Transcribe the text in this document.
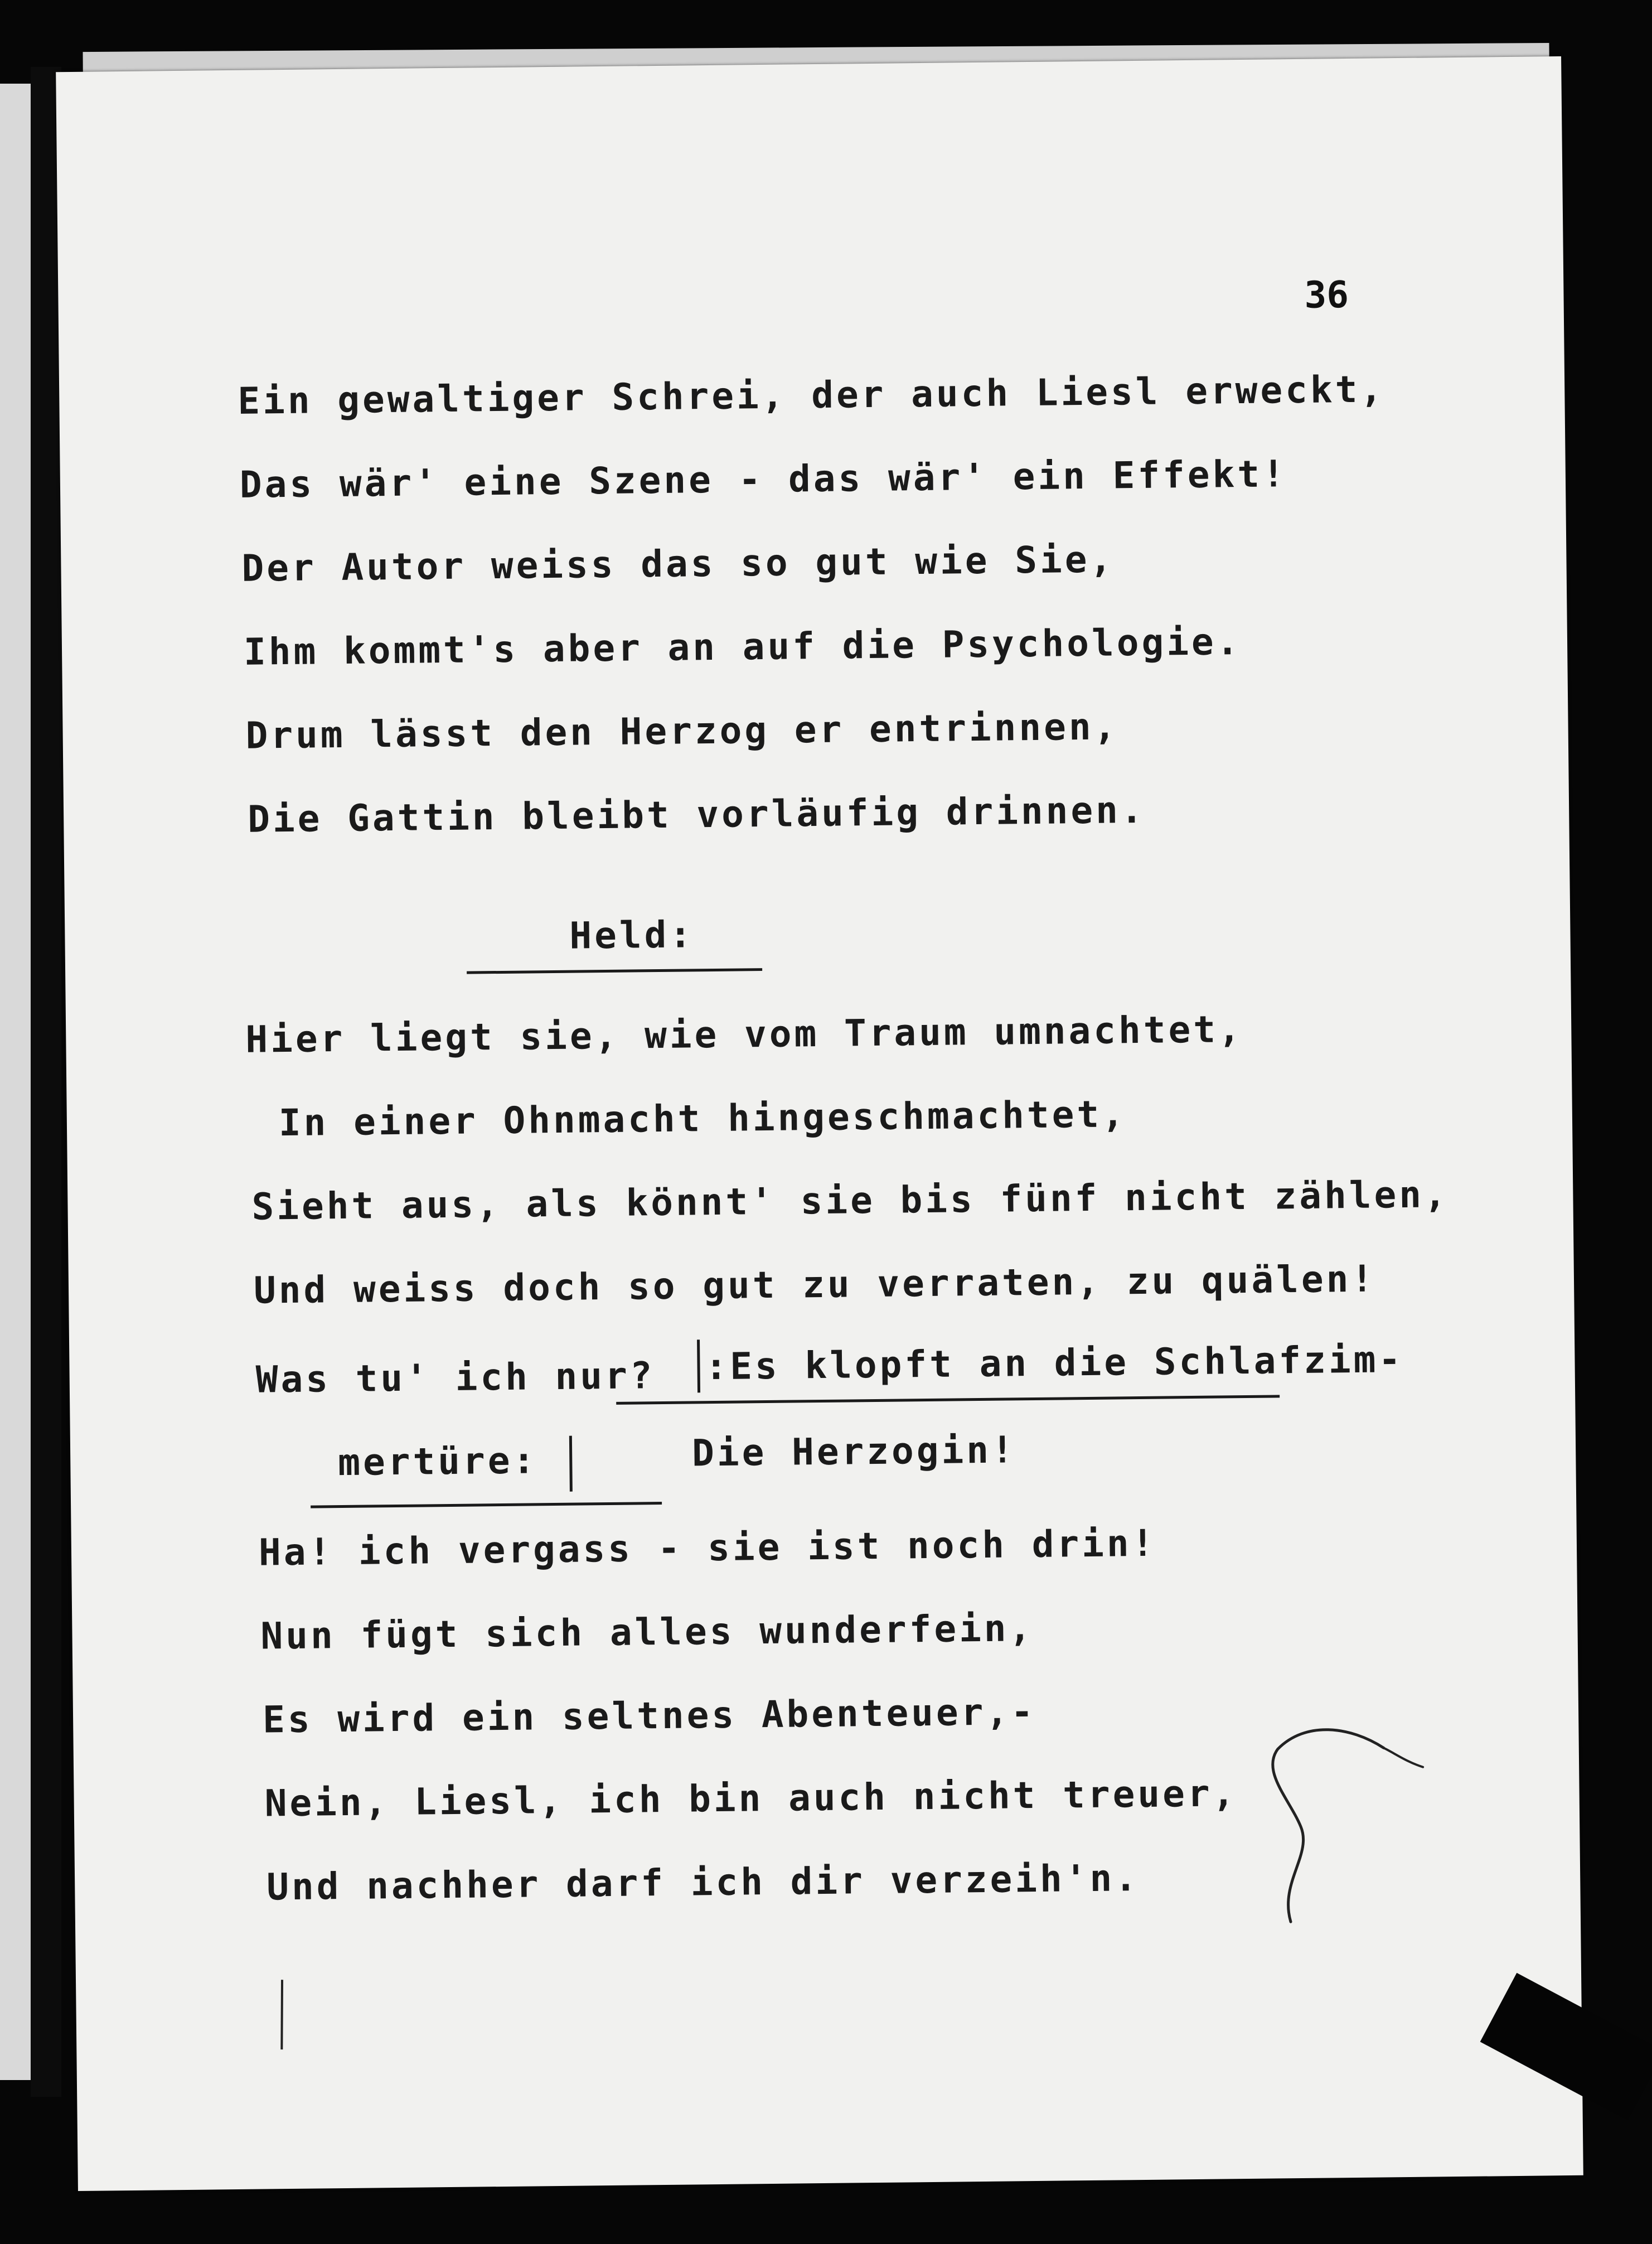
36
Ein gewaltiger Schrei, der auch Liesl erweckt,
Das wär' eine Szene - das wär' ein Effekt!
Der Autor weiss das so gut wie Sie,
Ihm kommt's aber an auf die Psychologie.
Drum lässt den Herzog er entrinnen,
Die Gattin bleibt vorläufig drinnen.
Held:
Hier liegt sie, wie vom Traum umnachtet,
In einer Ohnmacht hingeschmachtet,
Sieht aus, als könnt' sie bis fünf nicht zählen,
Und weiss doch so gut zu verraten, zu quälen!
Was tu' ich nur? :Es klopft an die Schlafzim-
mertüre:	Die Herzogin!
Ha! ich vergass - sie ist noch drin!
Nun fügt sich alles wunderfein,
Es wird ein seltnes Abenteuer,-
Nein, Liesl, ich bin auch nicht treuer,
Und nachher darf ich dir verzeih'n.
